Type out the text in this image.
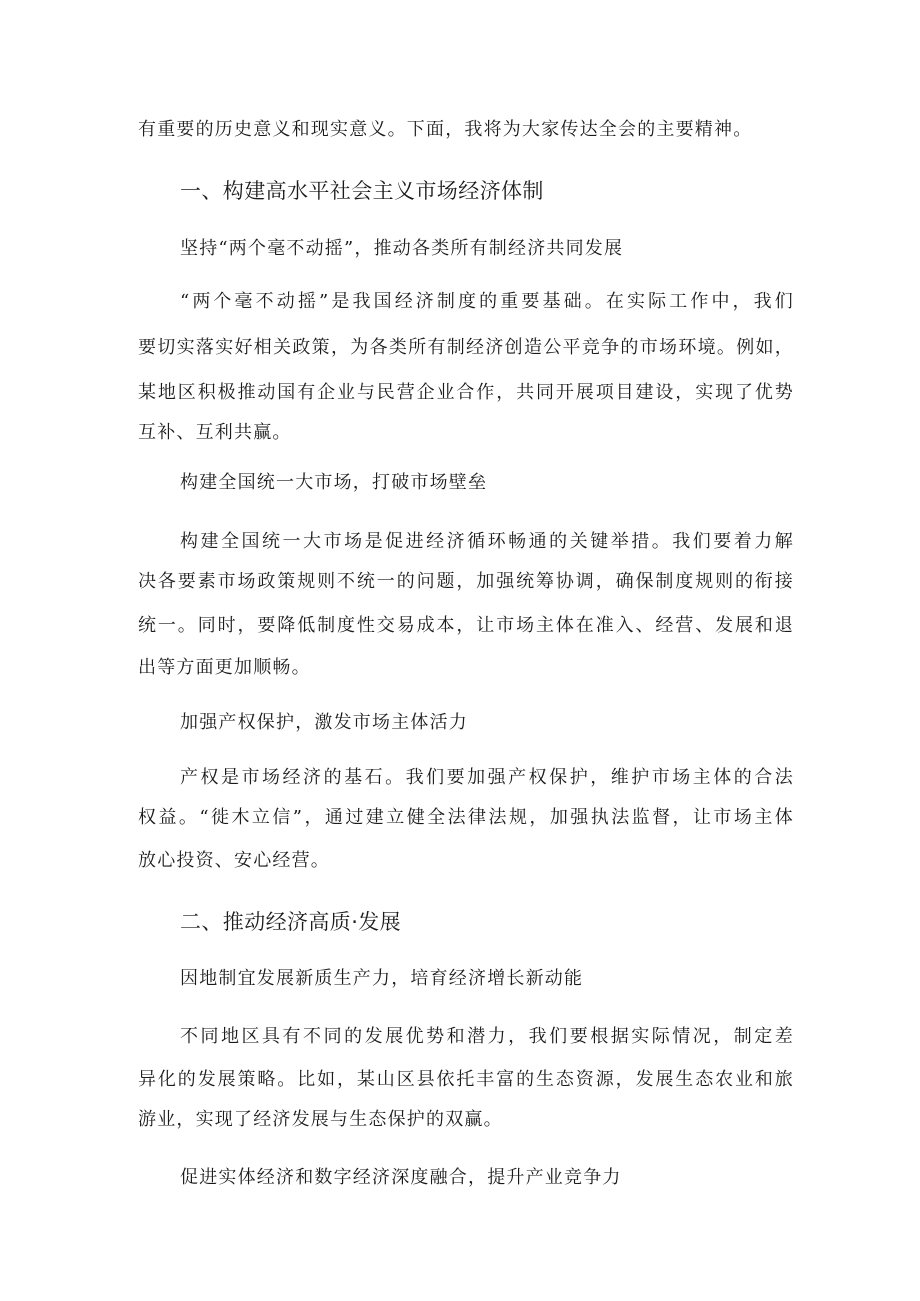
有重要的历史意义和现实意义。下面，我将为大家传达全会的主要精神。

一、构建高水平社会主义市场经济体制

坚持“两个毫不动摇”，推动各类所有制经济共同发展

“两个毫不动摇”是我国经济制度的重要基础。在实际工作中，我们

要切实落实好相关政策，为各类所有制经济创造公平竞争的市场环境。例如，

某地区积极推动国有企业与民营企业合作，共同开展项目建设，实现了优势

互补、互利共赢。

构建全国统一大市场，打破市场壁垒

构建全国统一大市场是促进经济循环畅通的关键举措。我们要着力解

决各要素市场政策规则不统一的问题，加强统筹协调，确保制度规则的衔接

统一。同时，要降低制度性交易成本，让市场主体在准入、经营、发展和退

出等方面更加顺畅。

加强产权保护，激发市场主体活力

产权是市场经济的基石。我们要加强产权保护，维护市场主体的合法

权益。“徙木立信”，通过建立健全法律法规，加强执法监督，让市场主体

放心投资、安心经营。

二、推动经济高质·发展

因地制宜发展新质生产力，培育经济增长新动能

不同地区具有不同的发展优势和潜力，我们要根据实际情况，制定差

异化的发展策略。比如，某山区县依托丰富的生态资源，发展生态农业和旅

游业，实现了经济发展与生态保护的双赢。

促进实体经济和数字经济深度融合，提升产业竞争力
